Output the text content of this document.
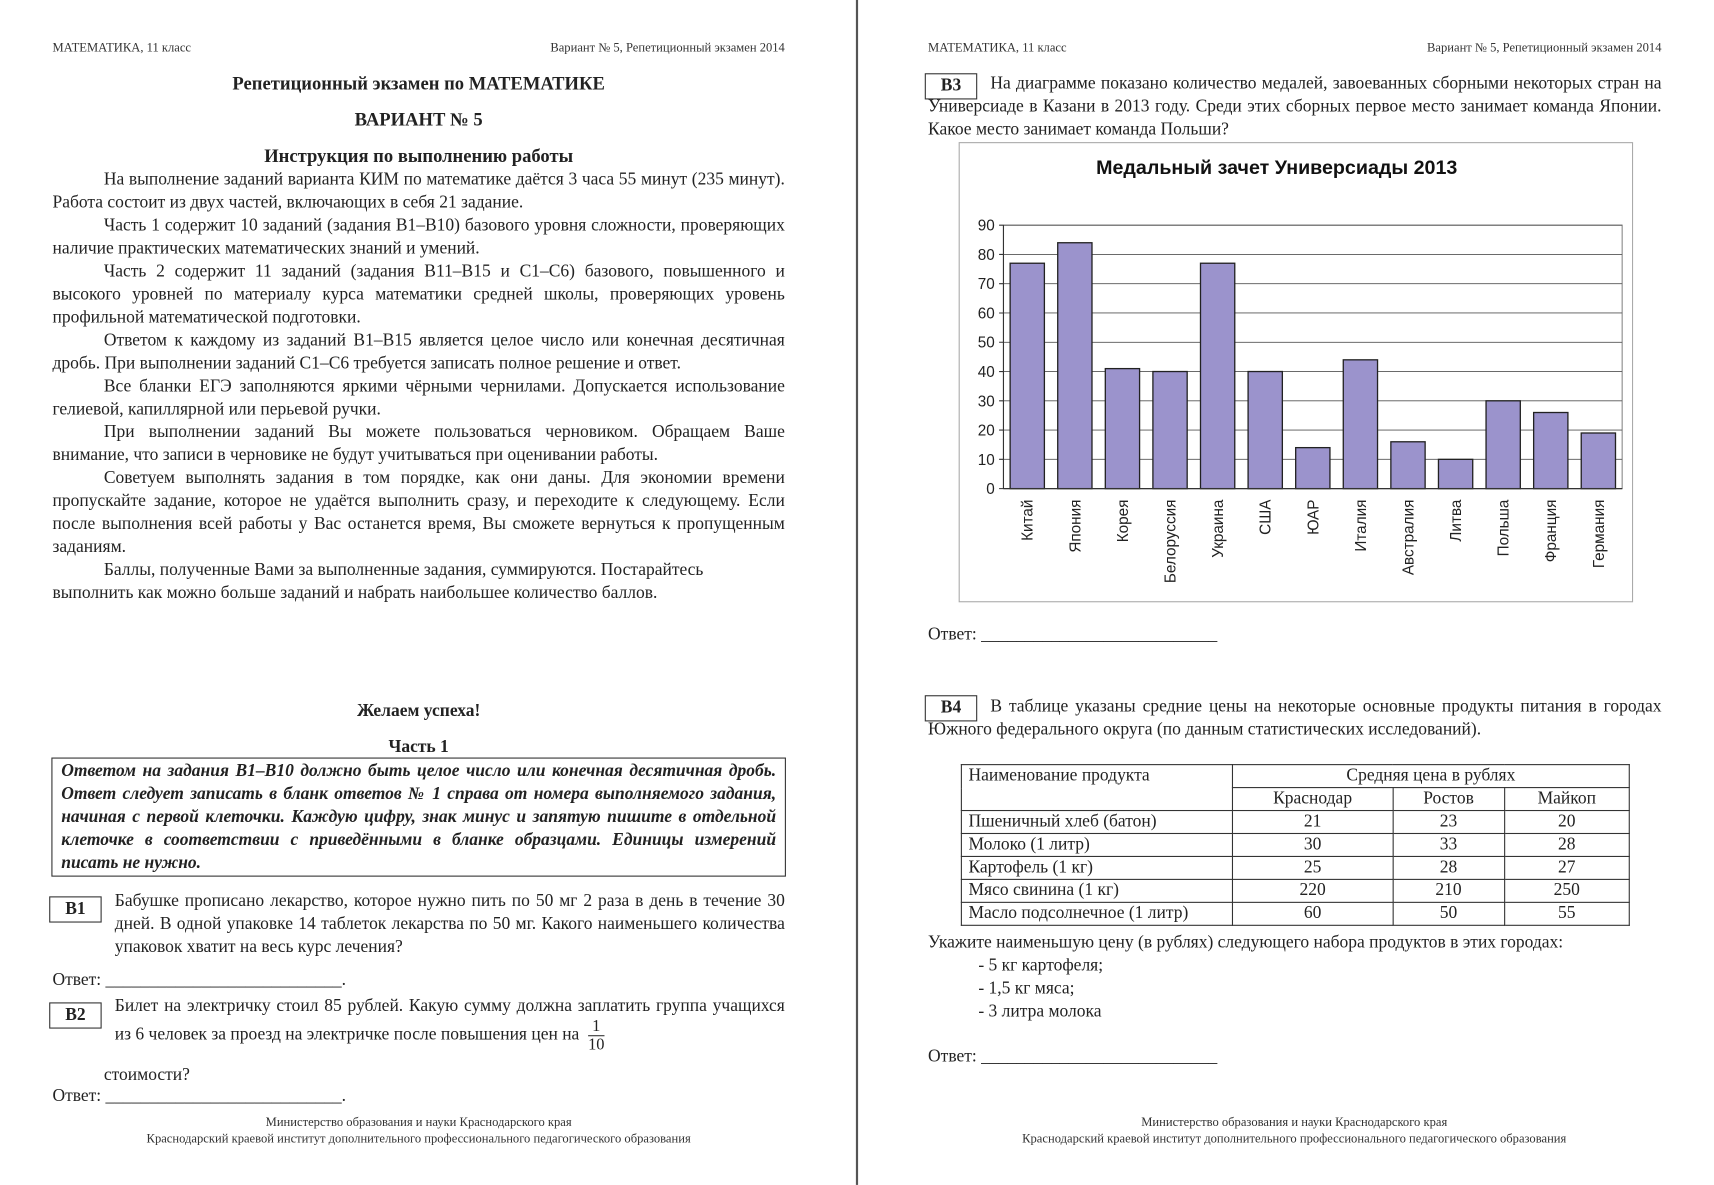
МАТЕМАТИКА, 11 класс	Вариант № 5, Репетиционный экзамен 2014
Репетиционный экзамен по МАТЕМАТИКЕ
ВАРИАНТ № 5
Инструкция по выполнению работы
На выполнение заданий варианта КИМ по математике даётся 3 часа 55 минут (235 минут). Работа состоит из двух частей, включающих в себя 21 задание.
Часть 1 содержит 10 заданий (задания B1–B10) базового уровня сложности, проверяющих наличие практических математических знаний и умений.
Часть 2 содержит 11 заданий (задания B11–B15 и C1–C6) базового, повышенного и высокого уровней по материалу курса математики средней школы, проверяющих уровень профильной математической подготовки.
Ответом к каждому из заданий B1–B15 является целое число или конечная десятичная дробь. При выполнении заданий C1–C6 требуется записать полное решение и ответ.
Все бланки ЕГЭ заполняются яркими чёрными чернилами. Допускается использование гелиевой, капиллярной или перьевой ручки.
При выполнении заданий Вы можете пользоваться черновиком. Обращаем Ваше внимание, что записи в черновике не будут учитываться при оценивании работы.
Советуем выполнять задания в том порядке, как они даны. Для экономии времени пропускайте задание, которое не удаётся выполнить сразу, и переходите к следующему. Если после выполнения всей работы у Вас останется время, Вы сможете вернуться к пропущенным заданиям.
Баллы, полученные Вами за выполненные задания, суммируются. Постарайтесь выполнить как можно больше заданий и набрать наибольшее количество баллов.
Желаем успеха!
Часть 1
Ответом на задания B1–B10 должно быть целое число или конечная десятичная дробь. Ответ следует записать в бланк ответов № 1 справа от номера выполняемого задания, начиная с первой клеточки. Каждую цифру, знак минус и запятую пишите в отдельной клеточке в соответствии с приведёнными в бланке образцами. Единицы измерений писать не нужно.
B1	Бабушке прописано лекарство, которое нужно пить по 50 мг 2 раза в день в течение 30 дней. В одной упаковке 14 таблеток лекарства по 50 мг. Какого наименьшего количества упаковок хватит на весь курс лечения?
Ответ: ___________________________.
B2	Билет на электричку стоил 85 рублей. Какую сумму должна заплатить группа учащихся из 6 человек за проезд на электричке после повышения цен на $\frac{1}{10}$
стоимости?
Ответ: ___________________________.
Министерство образования и науки Краснодарского края
Краснодарский краевой институт дополнительного профессионального педагогического образования
МАТЕМАТИКА, 11 класс	Вариант № 5, Репетиционный экзамен 2014
B3	На диаграмме показано количество медалей, завоеванных сборными некоторых стран на Универсиаде в Казани в 2013 году. Среди этих сборных первое место занимает команда Японии. Какое место занимает команда Польши?
0
10
20
30
40
50
60
70
80
90
Китай Япония Корея Белоруссия Украина США ЮАР Италия Австралия Литва Польша Франция Германия
Медальный зачет Универсиады 2013
Ответ: ___________________________
B4	В таблице указаны средние цены на некоторые основные продукты питания в городах Южного федерального округа (по данным статистических исследований).
Наименование продукта	Средняя цена в рублях		
	Краснодар	Ростов	Майкоп
Пшеничный хлеб (батон)	21	23	20
Молоко (1 литр)	30	33	28
Картофель (1 кг)	25	28	27
Мясо свинина (1 кг)	220	210	250
Масло подсолнечное (1 литр)	60	50	55
Укажите наименьшую цену (в рублях) следующего набора продуктов в этих городах:
- 5 кг картофеля;
- 1,5 кг мяса;
- 3 литра молока
Ответ: ___________________________
Министерство образования и науки Краснодарского края
Краснодарский краевой институт дополнительного профессионального педагогического образования
